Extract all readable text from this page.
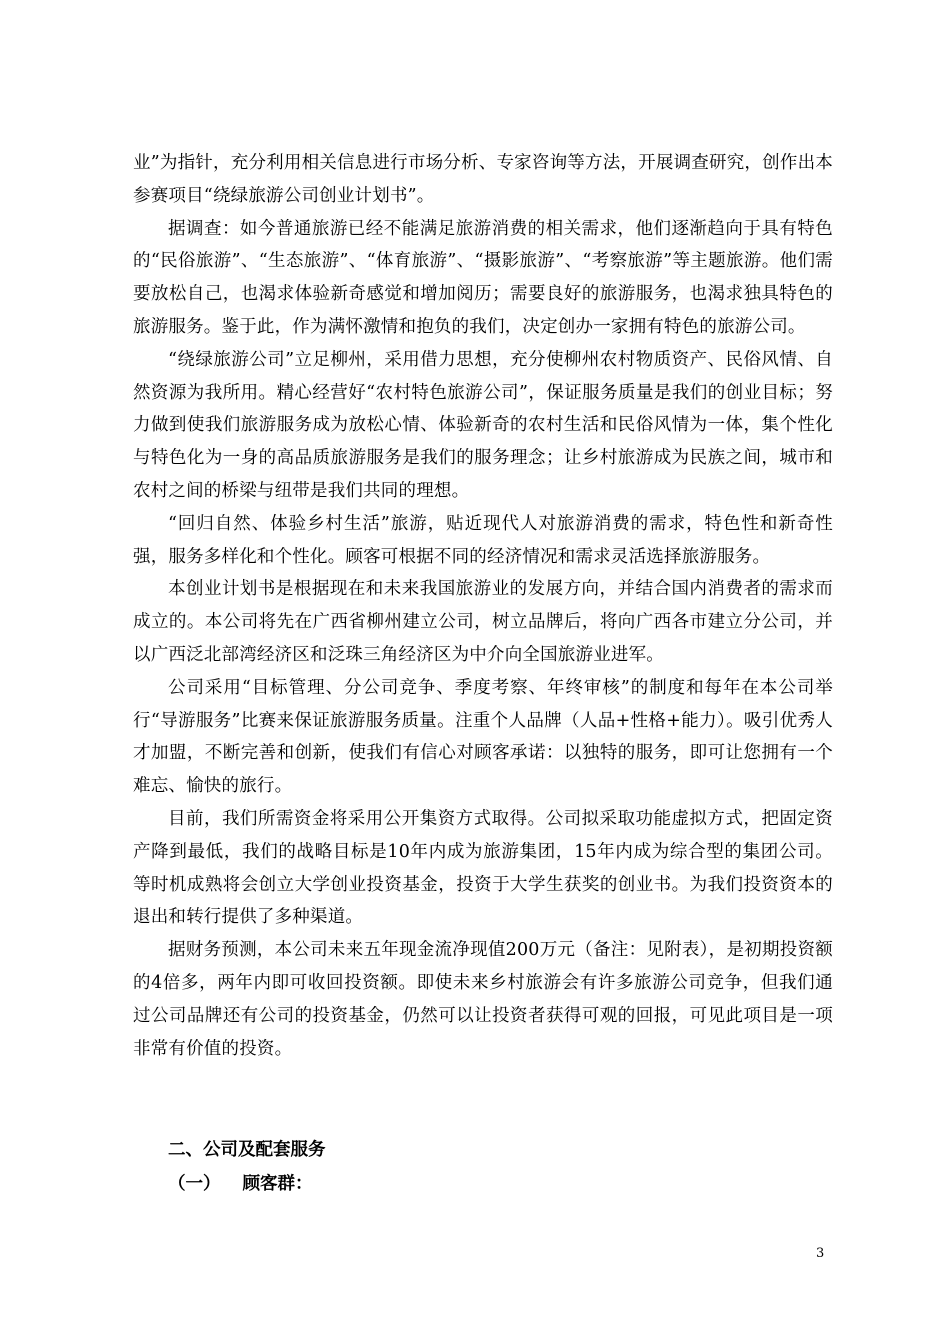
业”为指针，充分利用相关信息进行市场分析、专家咨询等方法，开展调查研究，创作出本参赛项目“绕绿旅游公司创业计划书”。

据调查：如今普通旅游已经不能满足旅游消费的相关需求，他们逐渐趋向于具有特色的“民俗旅游”、“生态旅游”、“体育旅游”、“摄影旅游”、“考察旅游”等主题旅游。他们需要放松自己，也渴求体验新奇感觉和增加阅历；需要良好的旅游服务，也渴求独具特色的旅游服务。鉴于此，作为满怀激情和抱负的我们，决定创办一家拥有特色的旅游公司。

“绕绿旅游公司”立足柳州，采用借力思想，充分使柳州农村物质资产、民俗风情、自然资源为我所用。精心经营好“农村特色旅游公司”，保证服务质量是我们的创业目标；努力做到使我们旅游服务成为放松心情、体验新奇的农村生活和民俗风情为一体，集个性化与特色化为一身的高品质旅游服务是我们的服务理念；让乡村旅游成为民族之间，城市和农村之间的桥梁与纽带是我们共同的理想。

“回归自然、体验乡村生活”旅游，贴近现代人对旅游消费的需求，特色性和新奇性强，服务多样化和个性化。顾客可根据不同的经济情况和需求灵活选择旅游服务。

本创业计划书是根据现在和未来我国旅游业的发展方向，并结合国内消费者的需求而成立的。本公司将先在广西省柳州建立公司，树立品牌后，将向广西各市建立分公司，并以广西泛北部湾经济区和泛珠三角经济区为中介向全国旅游业进军。

公司采用“目标管理、分公司竞争、季度考察、年终审核”的制度和每年在本公司举行“导游服务”比赛来保证旅游服务质量。注重个人品牌（人品+性格+能力）。吸引优秀人才加盟，不断完善和创新，使我们有信心对顾客承诺：以独特的服务，即可让您拥有一个难忘、愉快的旅行。

目前，我们所需资金将采用公开集资方式取得。公司拟采取功能虚拟方式，把固定资产降到最低，我们的战略目标是10年内成为旅游集团，15年内成为综合型的集团公司。等时机成熟将会创立大学创业投资基金，投资于大学生获奖的创业书。为我们投资资本的退出和转行提供了多种渠道。

据财务预测，本公司未来五年现金流净现值200万元（备注：见附表），是初期投资额的4倍多，两年内即可收回投资额。即使未来乡村旅游会有许多旅游公司竞争，但我们通过公司品牌还有公司的投资基金，仍然可以让投资者获得可观的回报，可见此项目是一项非常有价值的投资。

二、公司及配套服务
（一） 顾客群：
3
